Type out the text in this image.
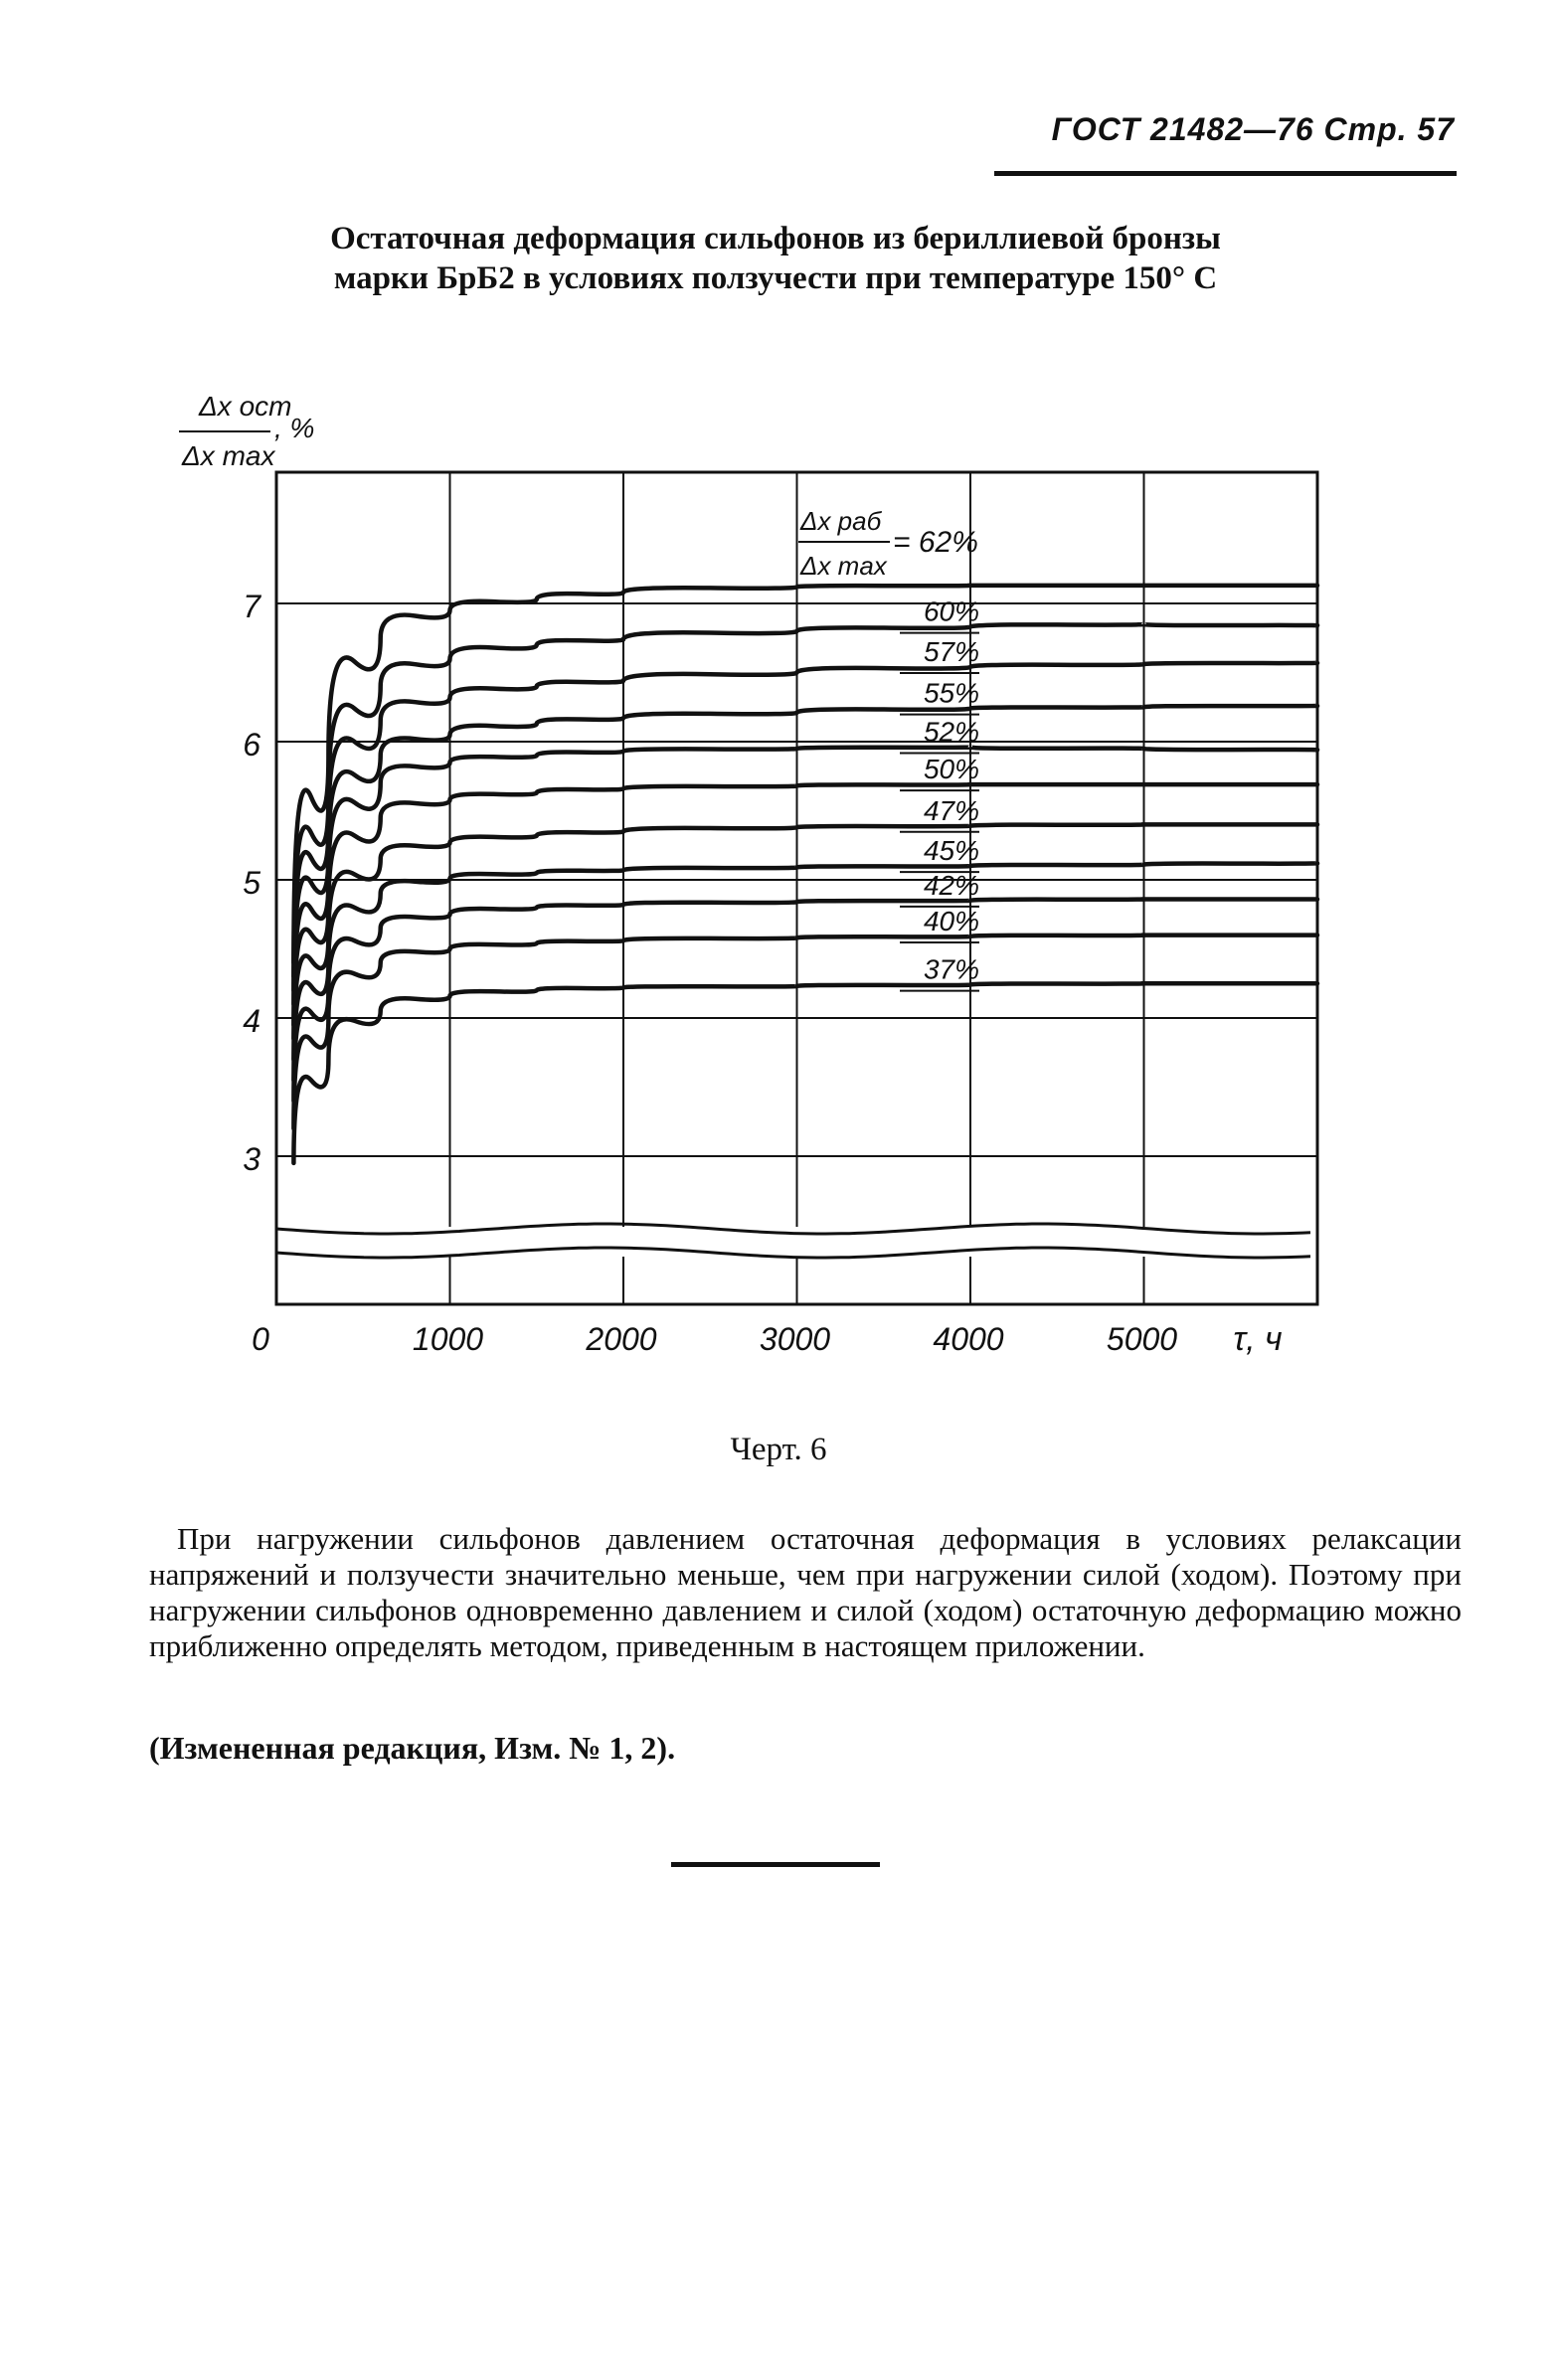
ГОСТ 21482—76 Стр. 57
Остаточная деформация сильфонов из бериллиевой бронзы
марки БрБ2 в условиях ползучести при температуре 150° С
60%
57%
55%
52%
50%
47%
45%
42%
40%
37%
Δx раб
Δx max
= 62%
3
4
5
6
7
0	1000	2000	3000	4000	5000 τ, ч
Δx ост
Δx max
, %
Черт. 6
При нагружении сильфонов давлением остаточная деформация в условиях релаксации напряжений и ползучести значительно меньше, чем при нагружении силой (ходом). Поэтому при нагружении сильфонов одновременно давлением и силой (ходом) остаточную деформацию можно приближенно определять методом, приведенным в настоящем приложении.
(Измененная редакция, Изм. № 1, 2).
